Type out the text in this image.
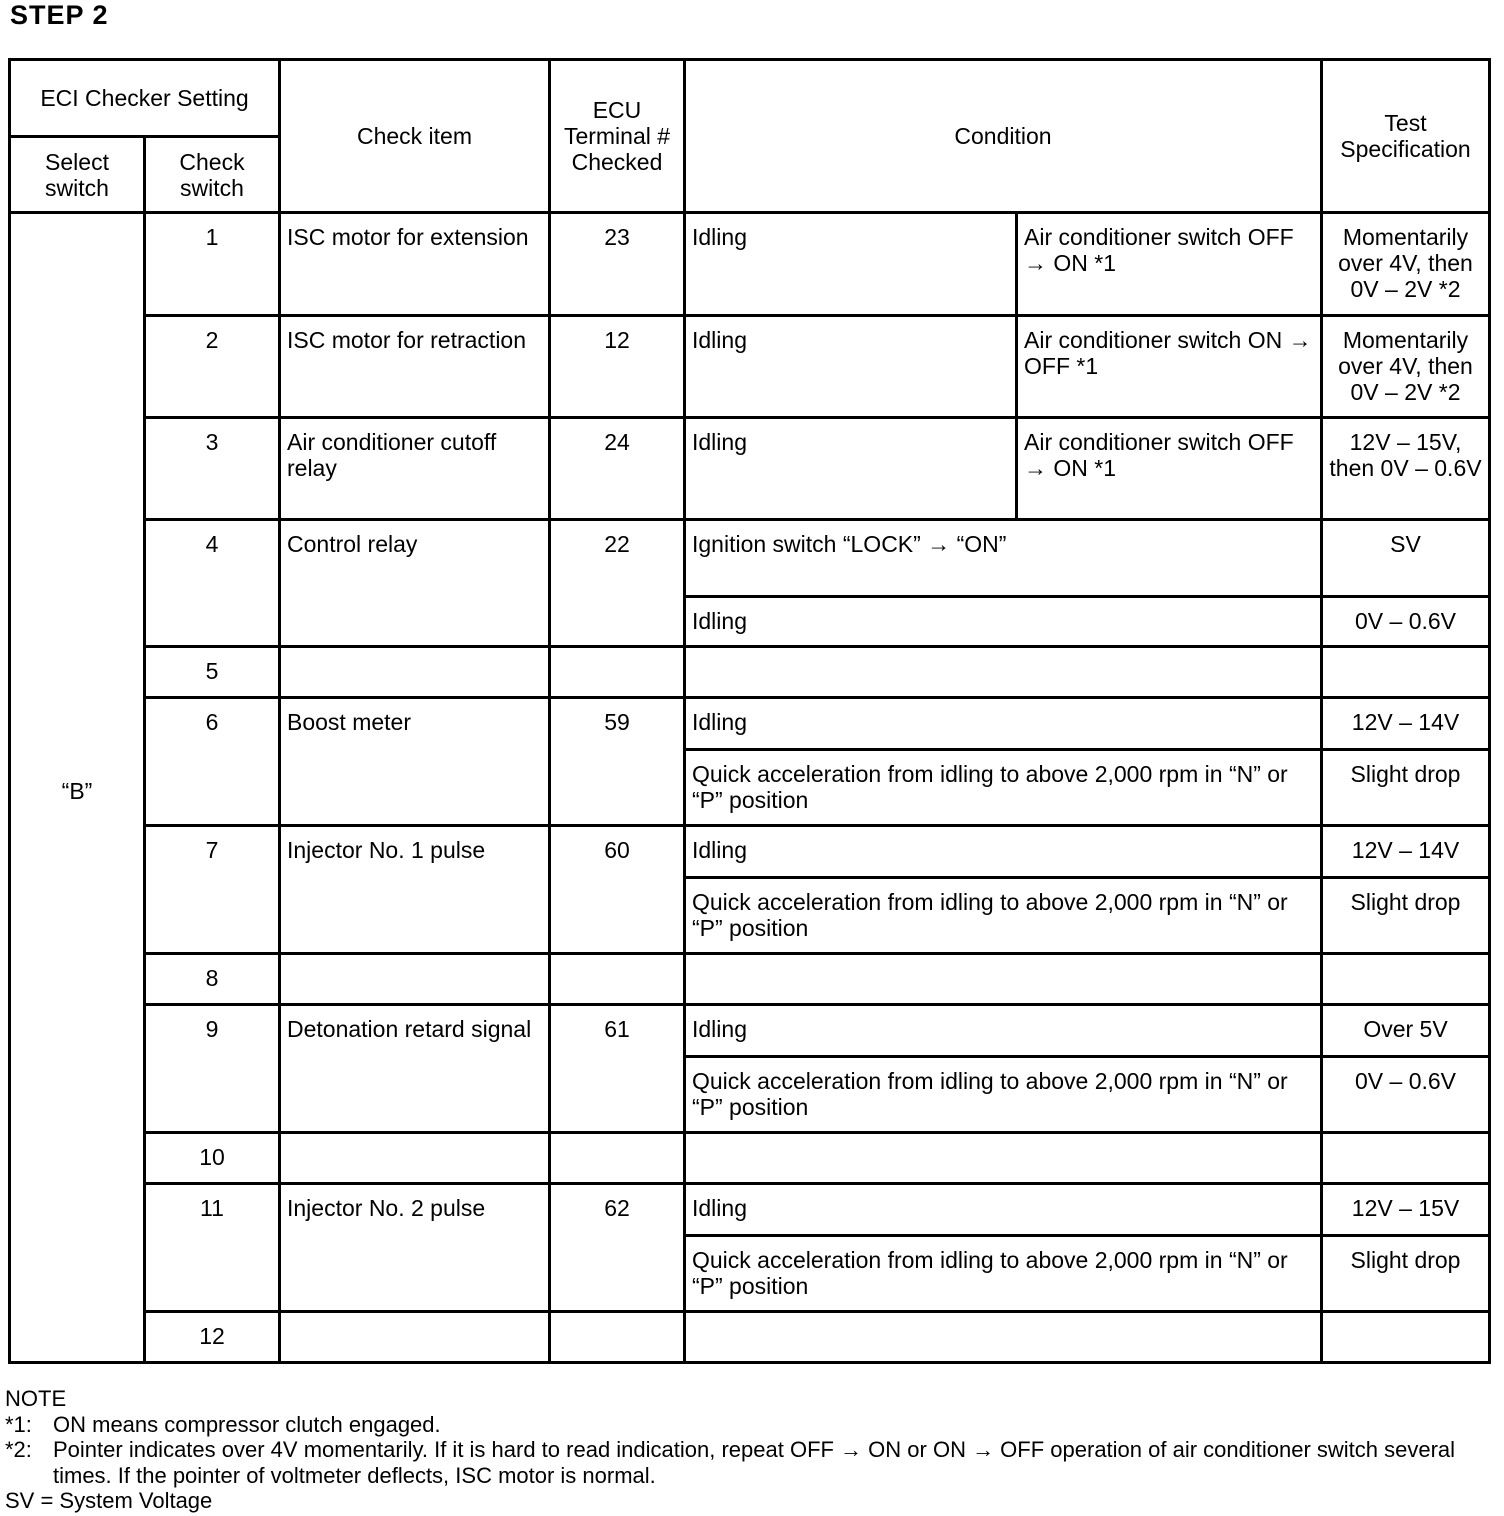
STEP 2
ECI Checker Setting		Check item	ECU Terminal # Checked	Condition		Test Specification
Select switch	Check switch					
“B”	1	ISC motor for extension	23	Idling	Air conditioner switch OFF → ON *1	Momentarily over 4V, then 0V – 2V *2
	2	ISC motor for retraction	12	Idling	Air conditioner switch ON → OFF *1	Momentarily over 4V, then 0V – 2V *2
	3	Air conditioner cutoff relay	24	Idling	Air conditioner switch OFF → ON *1	12V – 15V, then 0V – 0.6V
	4	Control relay	22	Ignition switch “LOCK” → “ON”		SV
				Idling		0V – 0.6V
	5					
	6	Boost meter	59	Idling		12V – 14V
				Quick acceleration from idling to above 2,000 rpm in “N” or “P” position		Slight drop
	7	Injector No. 1 pulse	60	Idling		12V – 14V
				Quick acceleration from idling to above 2,000 rpm in “N” or “P” position		Slight drop
	8					
	9	Detonation retard signal	61	Idling		Over 5V
				Quick acceleration from idling to above 2,000 rpm in “N” or “P” position		0V – 0.6V
	10					
	11	Injector No. 2 pulse	62	Idling		12V – 15V
				Quick acceleration from idling to above 2,000 rpm in “N” or “P” position		Slight drop
	12					
NOTE
*1: ON means compressor clutch engaged.
*2: Pointer indicates over 4V momentarily. If it is hard to read indication, repeat OFF → ON or ON → OFF operation of air conditioner switch several times. If the pointer of voltmeter deflects, ISC motor is normal.
SV = System Voltage
